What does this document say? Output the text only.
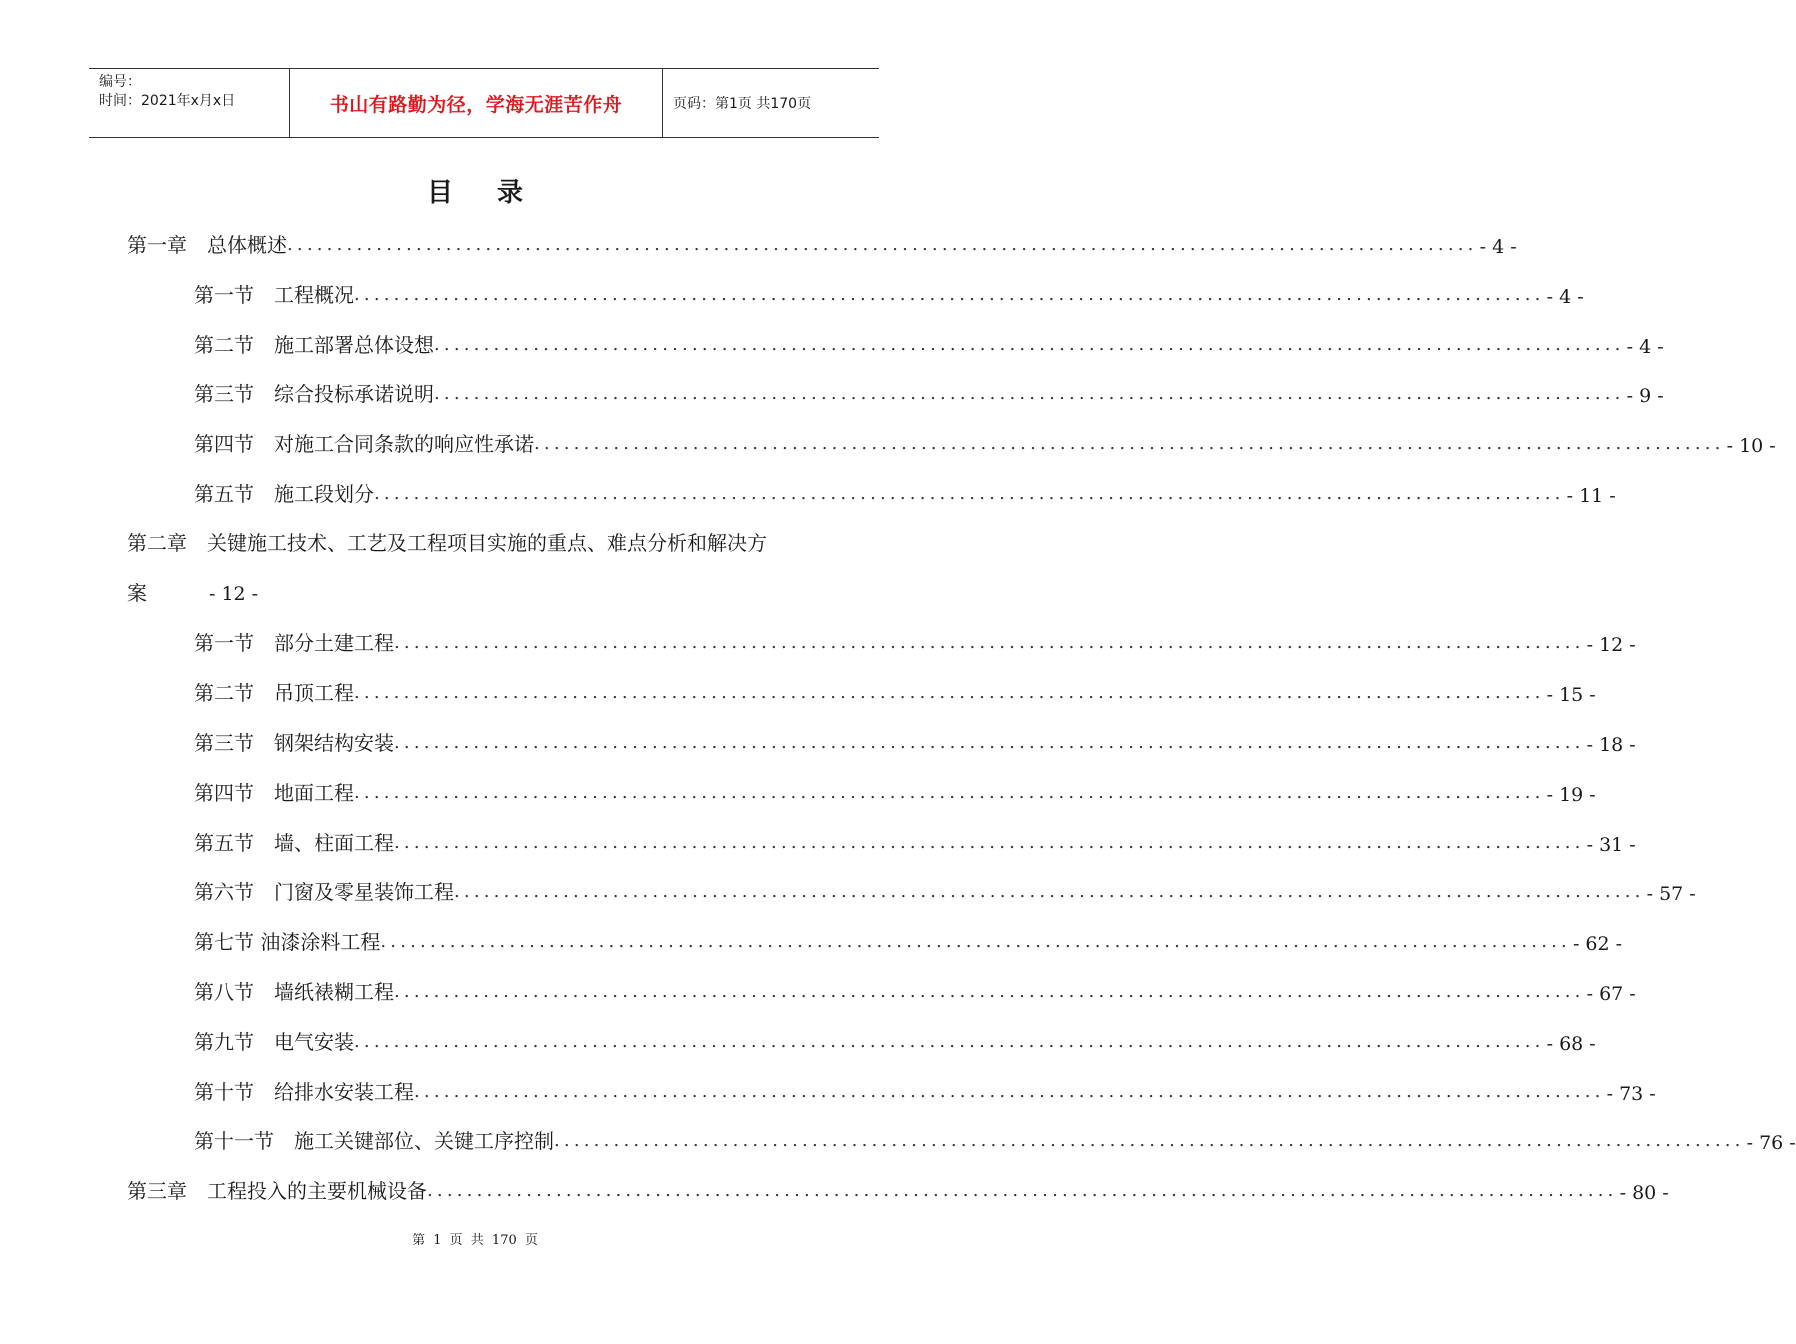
编号：
时间：2021年x月x日	书山有路勤为径，学海无涯苦作舟	页码：第1页 共170页
目录
第一章　总体概述 ........................................................................................................................ - 4 -
第一节　工程概况 ........................................................................................................................ - 4 -
第二节　施工部署总体设想 ........................................................................................................................ - 4 -
第三节　综合投标承诺说明 ........................................................................................................................ - 9 -
第四节　对施工合同条款的响应性承诺 ........................................................................................................................ - 10 -
第五节　施工段划分 ........................................................................................................................ - 11 -
第二章　关键施工技术、工艺及工程项目实施的重点、难点分析和解决方
案	- 12 -
第一节　部分土建工程 ........................................................................................................................ - 12 -
第二节　吊顶工程 ........................................................................................................................ - 15 -
第三节　钢架结构安装 ........................................................................................................................ - 18 -
第四节　地面工程 ........................................................................................................................ - 19 -
第五节　墙、柱面工程 ........................................................................................................................ - 31 -
第六节　门窗及零星装饰工程 ........................................................................................................................ - 57 -
第七节 油漆涂料工程 ........................................................................................................................ - 62 -
第八节　墙纸裱糊工程 ........................................................................................................................ - 67 -
第九节　电气安装 ........................................................................................................................ - 68 -
第十节　给排水安装工程 ........................................................................................................................ - 73 -
第十一节　施工关键部位、关键工序控制 ........................................................................................................................ - 76 -
第三章　工程投入的主要机械设备 ........................................................................................................................ - 80 -
第 1 页 共 170 页
